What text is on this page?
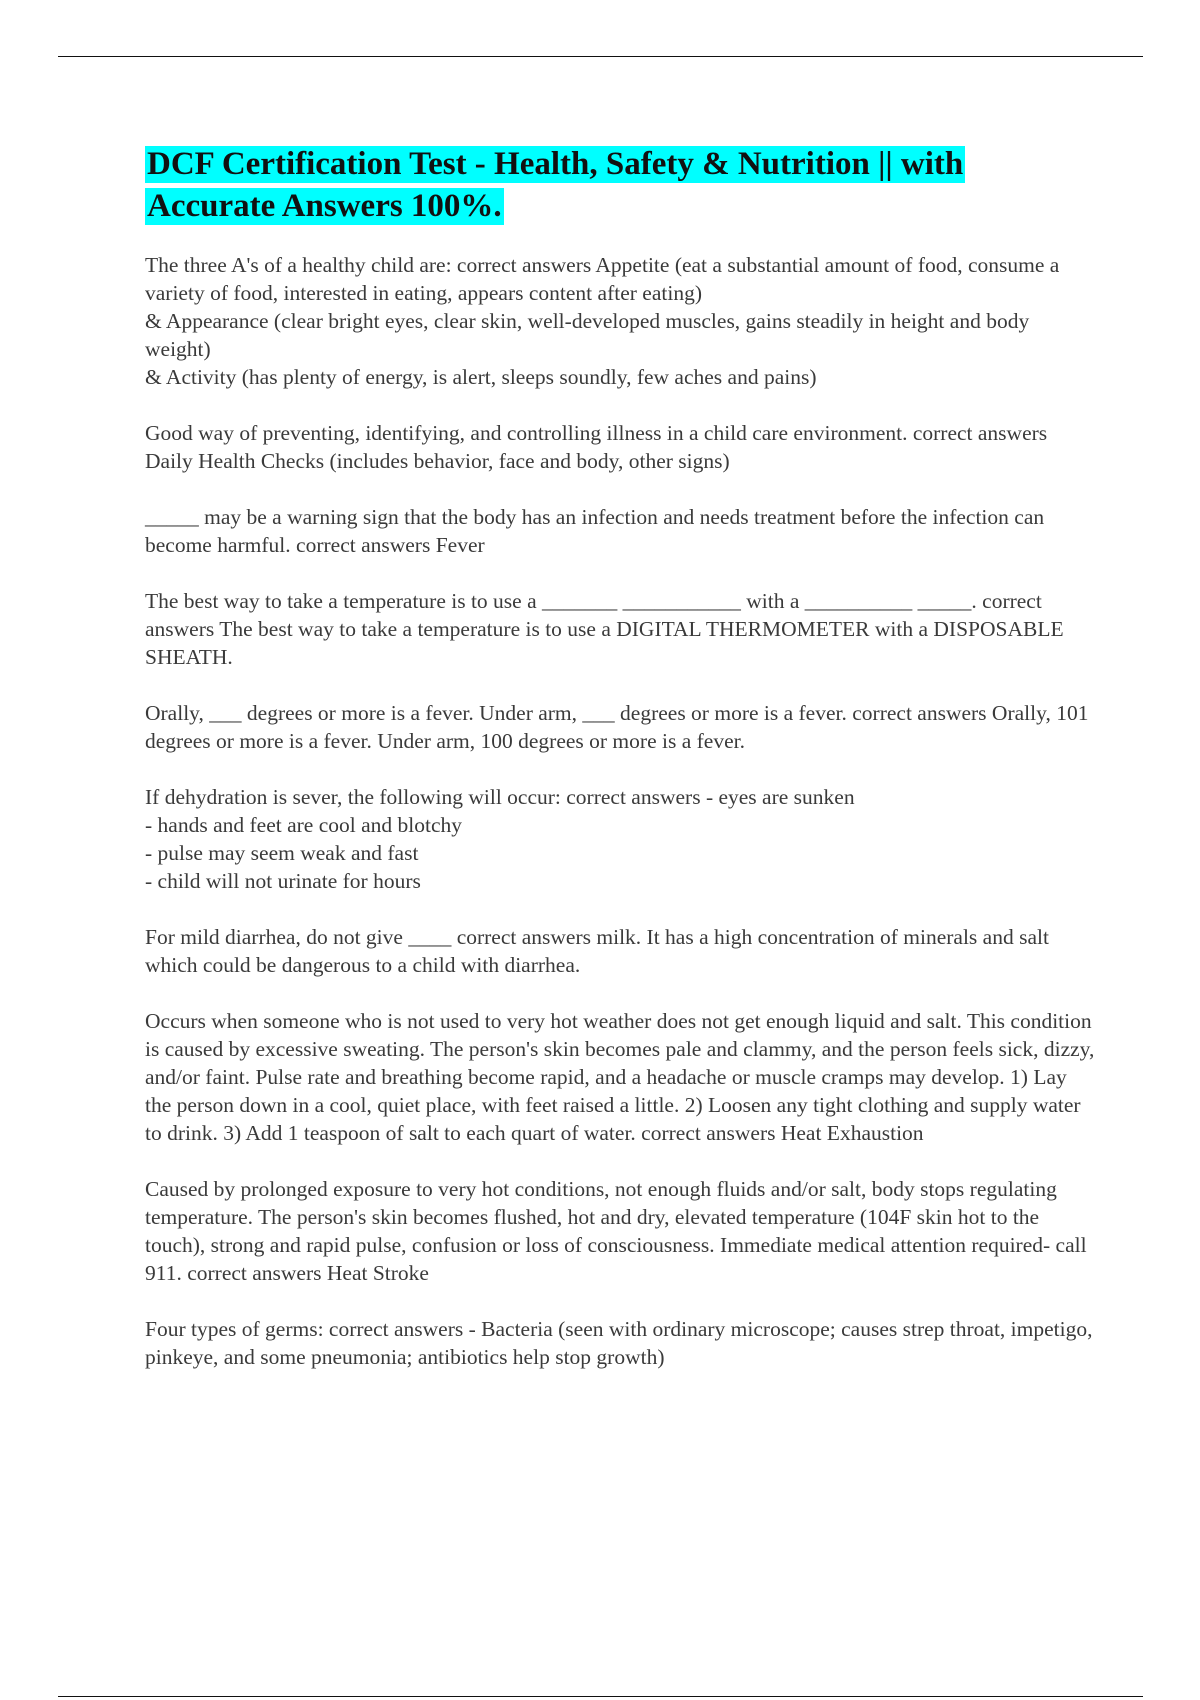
DCF Certification Test - Health, Safety & Nutrition || with Accurate Answers 100%.
The three A's of a healthy child are: correct answers Appetite (eat a substantial amount of food, consume a variety of food, interested in eating, appears content after eating)
& Appearance (clear bright eyes, clear skin, well-developed muscles, gains steadily in height and body weight)
& Activity (has plenty of energy, is alert, sleeps soundly, few aches and pains)
Good way of preventing, identifying, and controlling illness in a child care environment. correct answers Daily Health Checks (includes behavior, face and body, other signs)
_____ may be a warning sign that the body has an infection and needs treatment before the infection can become harmful. correct answers Fever
The best way to take a temperature is to use a _______ ___________ with a __________ _____. correct answers The best way to take a temperature is to use a DIGITAL THERMOMETER with a DISPOSABLE SHEATH.
Orally, ___ degrees or more is a fever. Under arm, ___ degrees or more is a fever. correct answers Orally, 101 degrees or more is a fever. Under arm, 100 degrees or more is a fever.
If dehydration is sever, the following will occur: correct answers - eyes are sunken
- hands and feet are cool and blotchy
- pulse may seem weak and fast
- child will not urinate for hours
For mild diarrhea, do not give ____ correct answers milk. It has a high concentration of minerals and salt which could be dangerous to a child with diarrhea.
Occurs when someone who is not used to very hot weather does not get enough liquid and salt. This condition is caused by excessive sweating. The person's skin becomes pale and clammy, and the person feels sick, dizzy, and/or faint. Pulse rate and breathing become rapid, and a headache or muscle cramps may develop. 1) Lay the person down in a cool, quiet place, with feet raised a little. 2) Loosen any tight clothing and supply water to drink. 3) Add 1 teaspoon of salt to each quart of water. correct answers Heat Exhaustion
Caused by prolonged exposure to very hot conditions, not enough fluids and/or salt, body stops regulating temperature. The person's skin becomes flushed, hot and dry, elevated temperature (104F skin hot to the touch), strong and rapid pulse, confusion or loss of consciousness. Immediate medical attention required- call 911. correct answers Heat Stroke
Four types of germs: correct answers - Bacteria (seen with ordinary microscope; causes strep throat, impetigo, pinkeye, and some pneumonia; antibiotics help stop growth)
